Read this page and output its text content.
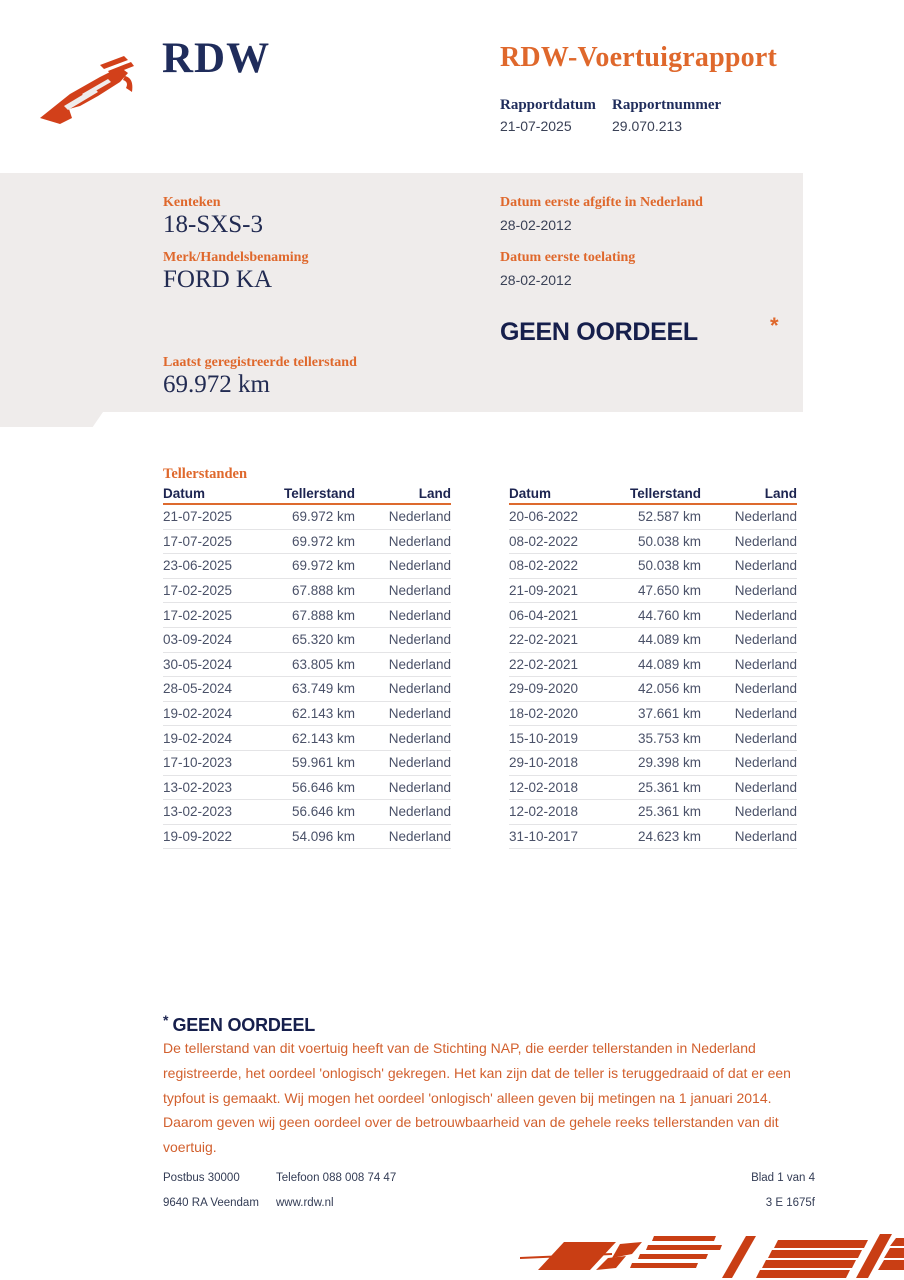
RDW	RDW-Voertuigrapport
Rapportdatum Rapportnummer
21-07-2025	29.070.213
Kenteken
18-SXS-3
Merk/Handelsbenaming
FORD KA
Laatst geregistreerde tellerstand
69.972 km
Datum eerste afgifte in Nederland
28-02-2012
Datum eerste toelating
28-02-2012
GEEN OORDEEL	*
Tellerstanden
Datum	Tellerstand	Land
21-07-2025	69.972 km	Nederland
17-07-2025	69.972 km	Nederland
23-06-2025	69.972 km	Nederland
17-02-2025	67.888 km	Nederland
17-02-2025	67.888 km	Nederland
03-09-2024	65.320 km	Nederland
30-05-2024	63.805 km	Nederland
28-05-2024	63.749 km	Nederland
19-02-2024	62.143 km	Nederland
19-02-2024	62.143 km	Nederland
17-10-2023	59.961 km	Nederland
13-02-2023	56.646 km	Nederland
13-02-2023	56.646 km	Nederland
19-09-2022	54.096 km	Nederland
Datum	Tellerstand	Land
20-06-2022	52.587 km	Nederland
08-02-2022	50.038 km	Nederland
08-02-2022	50.038 km	Nederland
21-09-2021	47.650 km	Nederland
06-04-2021	44.760 km	Nederland
22-02-2021	44.089 km	Nederland
22-02-2021	44.089 km	Nederland
29-09-2020	42.056 km	Nederland
18-02-2020	37.661 km	Nederland
15-10-2019	35.753 km	Nederland
29-10-2018	29.398 km	Nederland
12-02-2018	25.361 km	Nederland
12-02-2018	25.361 km	Nederland
31-10-2017	24.623 km	Nederland
* GEEN OORDEEL
De tellerstand van dit voertuig heeft van de Stichting NAP, die eerder tellerstanden in Nederland registreerde, het oordeel 'onlogisch' gekregen. Het kan zijn dat de teller is teruggedraaid of dat er een typfout is gemaakt. Wij mogen het oordeel 'onlogisch' alleen geven bij metingen na 1 januari 2014. Daarom geven wij geen oordeel over de betrouwbaarheid van de gehele reeks tellerstanden van dit voertuig.
Postbus 30000
9640 RA Veendam
Telefoon 088 008 74 47
www.rdw.nl
Blad 1 van 4
3 E 1675f
